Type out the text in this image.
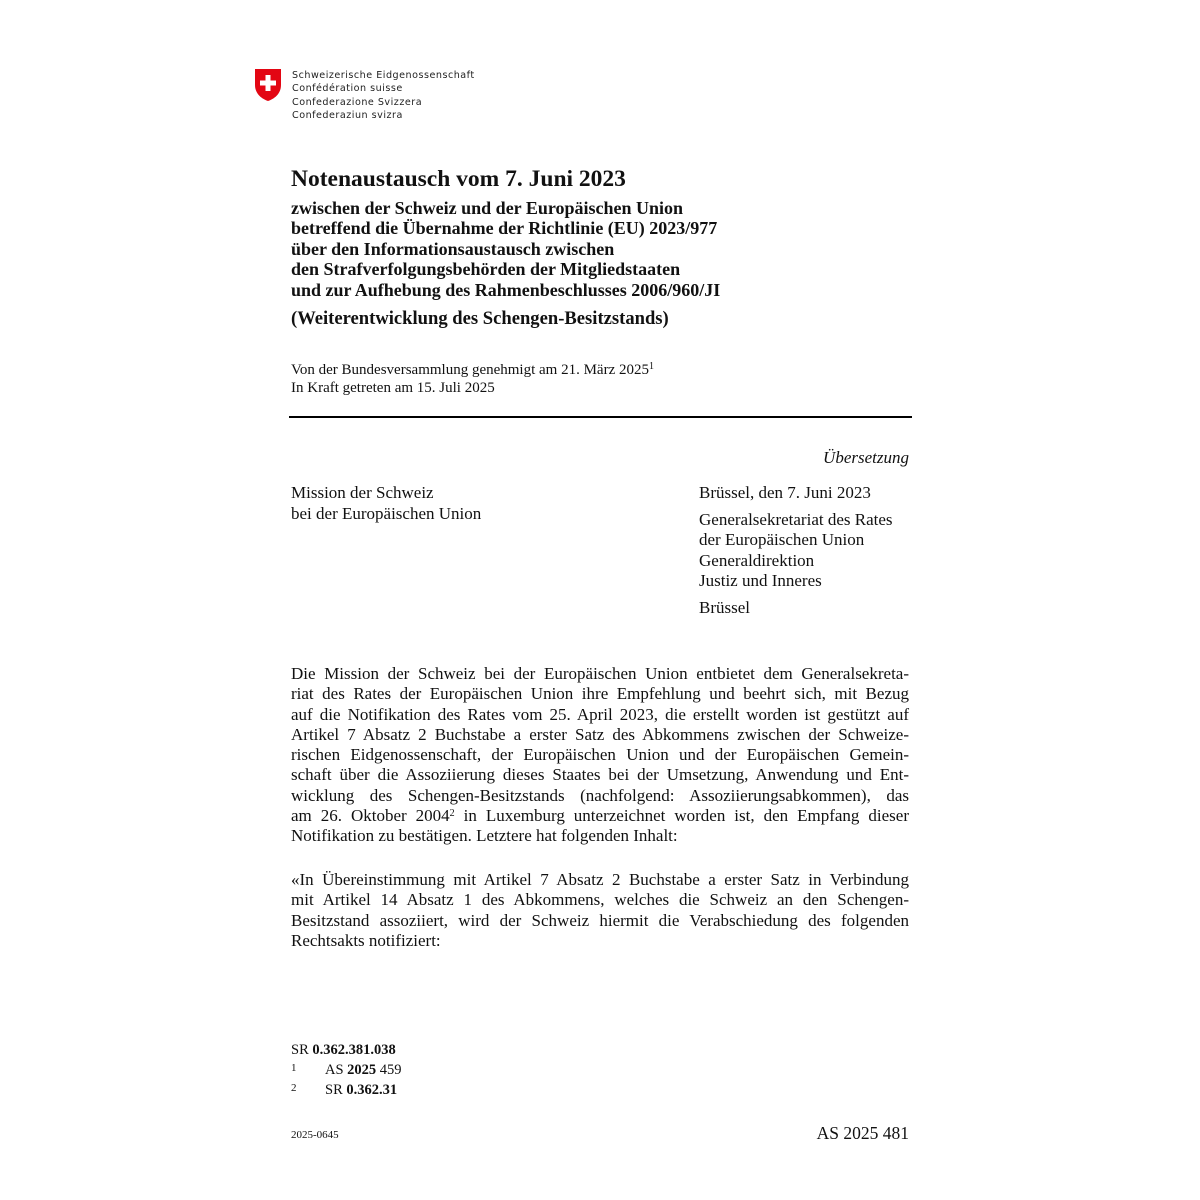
Schweizerische Eidgenossenschaft
Confédération suisse
Confederazione Svizzera
Confederaziun svizra
Notenaustausch vom 7. Juni 2023
zwischen der Schweiz und der Europäischen Union
betreffend die Übernahme der Richtlinie (EU) 2023/977
über den Informationsaustausch zwischen
den Strafverfolgungsbehörden der Mitgliedstaaten
und zur Aufhebung des Rahmenbeschlusses 2006/960/JI
(Weiterentwicklung des Schengen-Besitzstands)
Von der Bundesversammlung genehmigt am 21. März 2025$^1$
In Kraft getreten am 15. Juli 2025
Übersetzung
Mission der Schweiz
bei der Europäischen Union
Brüssel, den 7. Juni 2023
Generalsekretariat des Rates
der Europäischen Union
Generaldirektion
Justiz und Inneres
Brüssel
Die Mission der Schweiz bei der Europäischen Union entbietet dem Generalsekreta-
riat des Rates der Europäischen Union ihre Empfehlung und beehrt sich, mit Bezug
auf die Notifikation des Rates vom 25. April 2023, die erstellt worden ist gestützt auf
Artikel 7 Absatz 2 Buchstabe a erster Satz des Abkommens zwischen der Schweize-
rischen Eidgenossenschaft, der Europäischen Union und der Europäischen Gemein-
schaft über die Assoziierung dieses Staates bei der Umsetzung, Anwendung und Ent-
wicklung des Schengen-Besitzstands (nachfolgend: Assoziierungsabkommen), das
am 26. Oktober 2004$^2$ in Luxemburg unterzeichnet worden ist, den Empfang dieser
Notifikation zu bestätigen. Letztere hat folgenden Inhalt:
«In Übereinstimmung mit Artikel 7 Absatz 2 Buchstabe a erster Satz in Verbindung
mit Artikel 14 Absatz 1 des Abkommens, welches die Schweiz an den Schengen-
Besitzstand assoziiert, wird der Schweiz hiermit die Verabschiedung des folgenden
Rechtsakts notifiziert:
SR 0.362.381.038
1 AS 2025 459
2 SR 0.362.31
2025-0645	AS 2025 481
